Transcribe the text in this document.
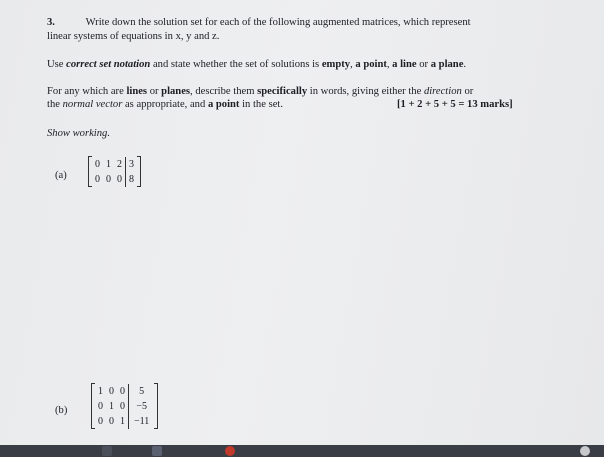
3.	Write down the solution set for each of the following augmented matrices, which represent
linear systems of equations in x, y and z.
Use correct set notation and state whether the set of solutions is empty, a point, a line or a plane.
For any which are lines or planes, describe them specifically in words, giving either the direction or
the normal vector as appropriate, and a point in the set.	[1 + 2 + 5 + 5 = 13 marks]
Show working.
(a)
	0	1	2	3	
	0	0	0	8	
(b)
	1	0	0	5	
	0	1	0	−5	
	0	0	1	−11	
